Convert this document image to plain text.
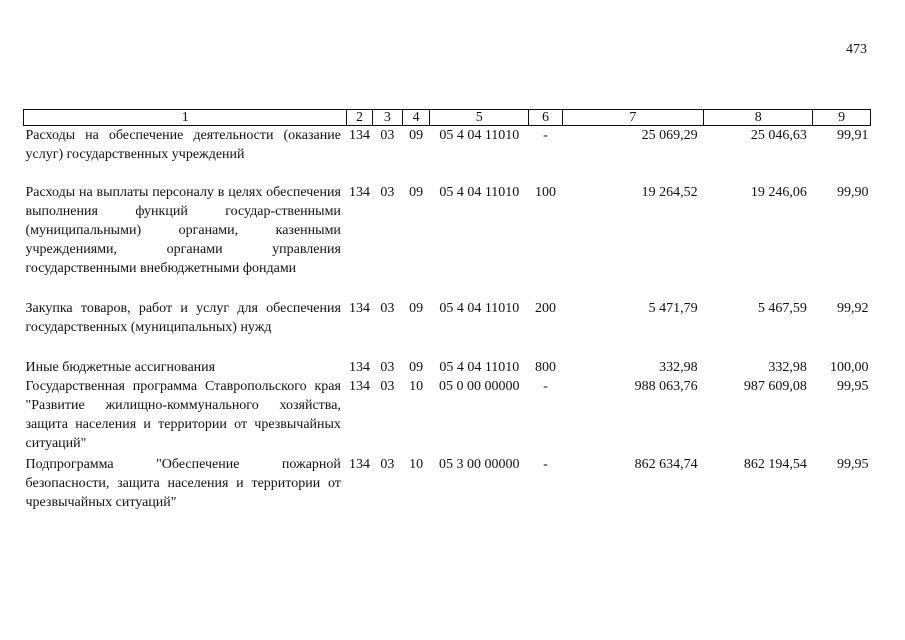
473
1	2	3	4	5	6	7	8	9
Расходы на обеспечение деятельности (оказание услуг) государственных учреждений	134	03	09	05 4 04 11010	-	25 069,29	25 046,63	99,91
Расходы на выплаты персоналу в целях обеспечения выполнения функций государ-ственными (муниципальными) органами, казенными учреждениями, органами управления государственными внебюджетными фондами	134	03	09	05 4 04 11010	100	19 264,52	19 246,06	99,90
Закупка товаров, работ и услуг для обеспечения государственных (муниципальных) нужд	134	03	09	05 4 04 11010	200	5 471,79	5 467,59	99,92
Иные бюджетные ассигнования	134	03	09	05 4 04 11010	800	332,98	332,98	100,00
Государственная программа Ставропольского края "Развитие жилищно-коммунального хозяйства, защита населения и территории от чрезвычайных ситуаций"	134	03	10	05 0 00 00000	-	988 063,76	987 609,08	99,95
Подпрограмма "Обеспечение пожарной безопасности, защита населения и территории от чрезвычайных ситуаций"	134	03	10	05 3 00 00000	-	862 634,74	862 194,54	99,95
